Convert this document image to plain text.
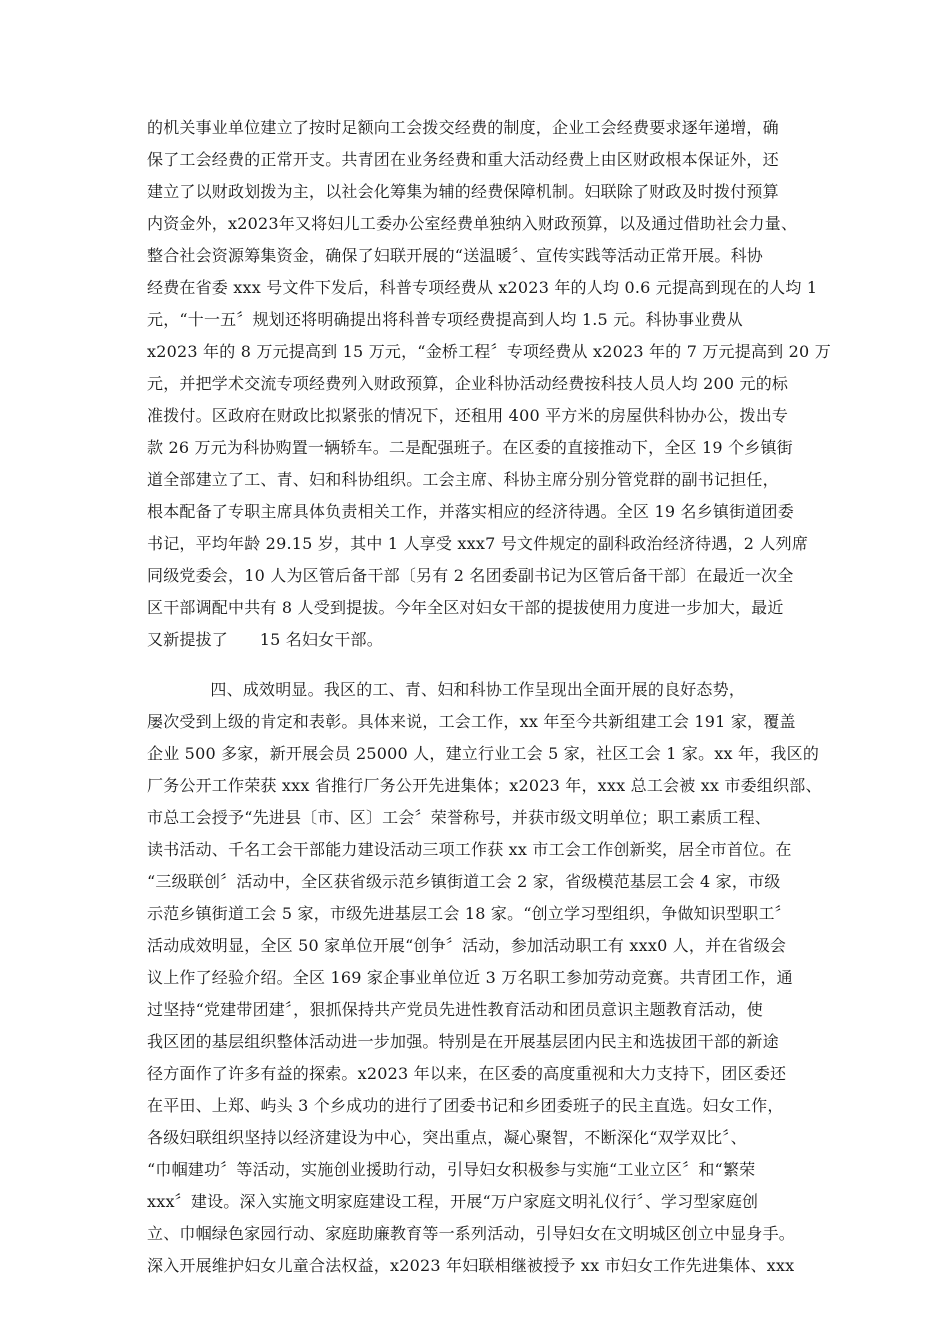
的机关事业单位建立了按时足额向工会拨交经费的制度，企业工会经费要求逐年递增，确
保了工会经费的正常开支。共青团在业务经费和重大活动经费上由区财政根本保证外，还
建立了以财政划拨为主，以社会化筹集为辅的经费保障机制。妇联除了财政及时拨付预算
内资金外，x2023年又将妇儿工委办公室经费单独纳入财政预算，以及通过借助社会力量、
整合社会资源筹集资金，确保了妇联开展的“送温暖〞、宣传实践等活动正常开展。科协
经费在省委 xxx 号文件下发后，科普专项经费从 x2023 年的人均 0.6 元提高到现在的人均 1
元，“十一五〞规划还将明确提出将科普专项经费提高到人均 1.5 元。科协事业费从
x2023 年的 8 万元提高到 15 万元，“金桥工程〞专项经费从 x2023 年的 7 万元提高到 20 万
元，并把学术交流专项经费列入财政预算，企业科协活动经费按科技人员人均 200 元的标
准拨付。区政府在财政比拟紧张的情况下，还租用 400 平方米的房屋供科协办公，拨出专
款 26 万元为科协购置一辆轿车。二是配强班子。在区委的直接推动下，全区 19 个乡镇街
道全部建立了工、青、妇和科协组织。工会主席、科协主席分别分管党群的副书记担任，
根本配备了专职主席具体负责相关工作，并落实相应的经济待遇。全区 19 名乡镇街道团委
书记，平均年龄 29.15 岁，其中 1 人享受 xxx7 号文件规定的副科政治经济待遇，2 人列席
同级党委会，10 人为区管后备干部〔另有 2 名团委副书记为区管后备干部〕在最近一次全
区干部调配中共有 8 人受到提拔。今年全区对妇女干部的提拔使用力度进一步加大，最近
又新提拔了      15 名妇女干部。
四、成效明显。我区的工、青、妇和科协工作呈现出全面开展的良好态势，
屡次受到上级的肯定和表彰。具体来说，工会工作，xx 年至今共新组建工会 191 家，覆盖
企业 500 多家，新开展会员 25000 人，建立行业工会 5 家，社区工会 1 家。xx 年，我区的
厂务公开工作荣获 xxx 省推行厂务公开先进集体；x2023 年，xxx 总工会被 xx 市委组织部、
市总工会授予“先进县〔市、区〕工会〞荣誉称号，并获市级文明单位；职工素质工程、
读书活动、千名工会干部能力建设活动三项工作获 xx 市工会工作创新奖，居全市首位。在
“三级联创〞活动中，全区获省级示范乡镇街道工会 2 家，省级模范基层工会 4 家，市级
示范乡镇街道工会 5 家，市级先进基层工会 18 家。“创立学习型组织，争做知识型职工〞
活动成效明显，全区 50 家单位开展“创争〞活动，参加活动职工有 xxx0 人，并在省级会
议上作了经验介绍。全区 169 家企事业单位近 3 万名职工参加劳动竞赛。共青团工作，通
过坚持“党建带团建〞，狠抓保持共产党员先进性教育活动和团员意识主题教育活动，使
我区团的基层组织整体活动进一步加强。特别是在开展基层团内民主和选拔团干部的新途
径方面作了许多有益的探索。x2023 年以来，在区委的高度重视和大力支持下，团区委还
在平田、上郑、屿头 3 个乡成功的进行了团委书记和乡团委班子的民主直选。妇女工作，
各级妇联组织坚持以经济建设为中心，突出重点，凝心聚智，不断深化“双学双比〞、
“巾帼建功〞等活动，实施创业援助行动，引导妇女积极参与实施“工业立区〞和“繁荣
xxx〞建设。深入实施文明家庭建设工程，开展“万户家庭文明礼仪行〞、学习型家庭创
立、巾帼绿色家园行动、家庭助廉教育等一系列活动，引导妇女在文明城区创立中显身手。
深入开展维护妇女儿童合法权益，x2023 年妇联相继被授予 xx 市妇女工作先进集体、xxx
